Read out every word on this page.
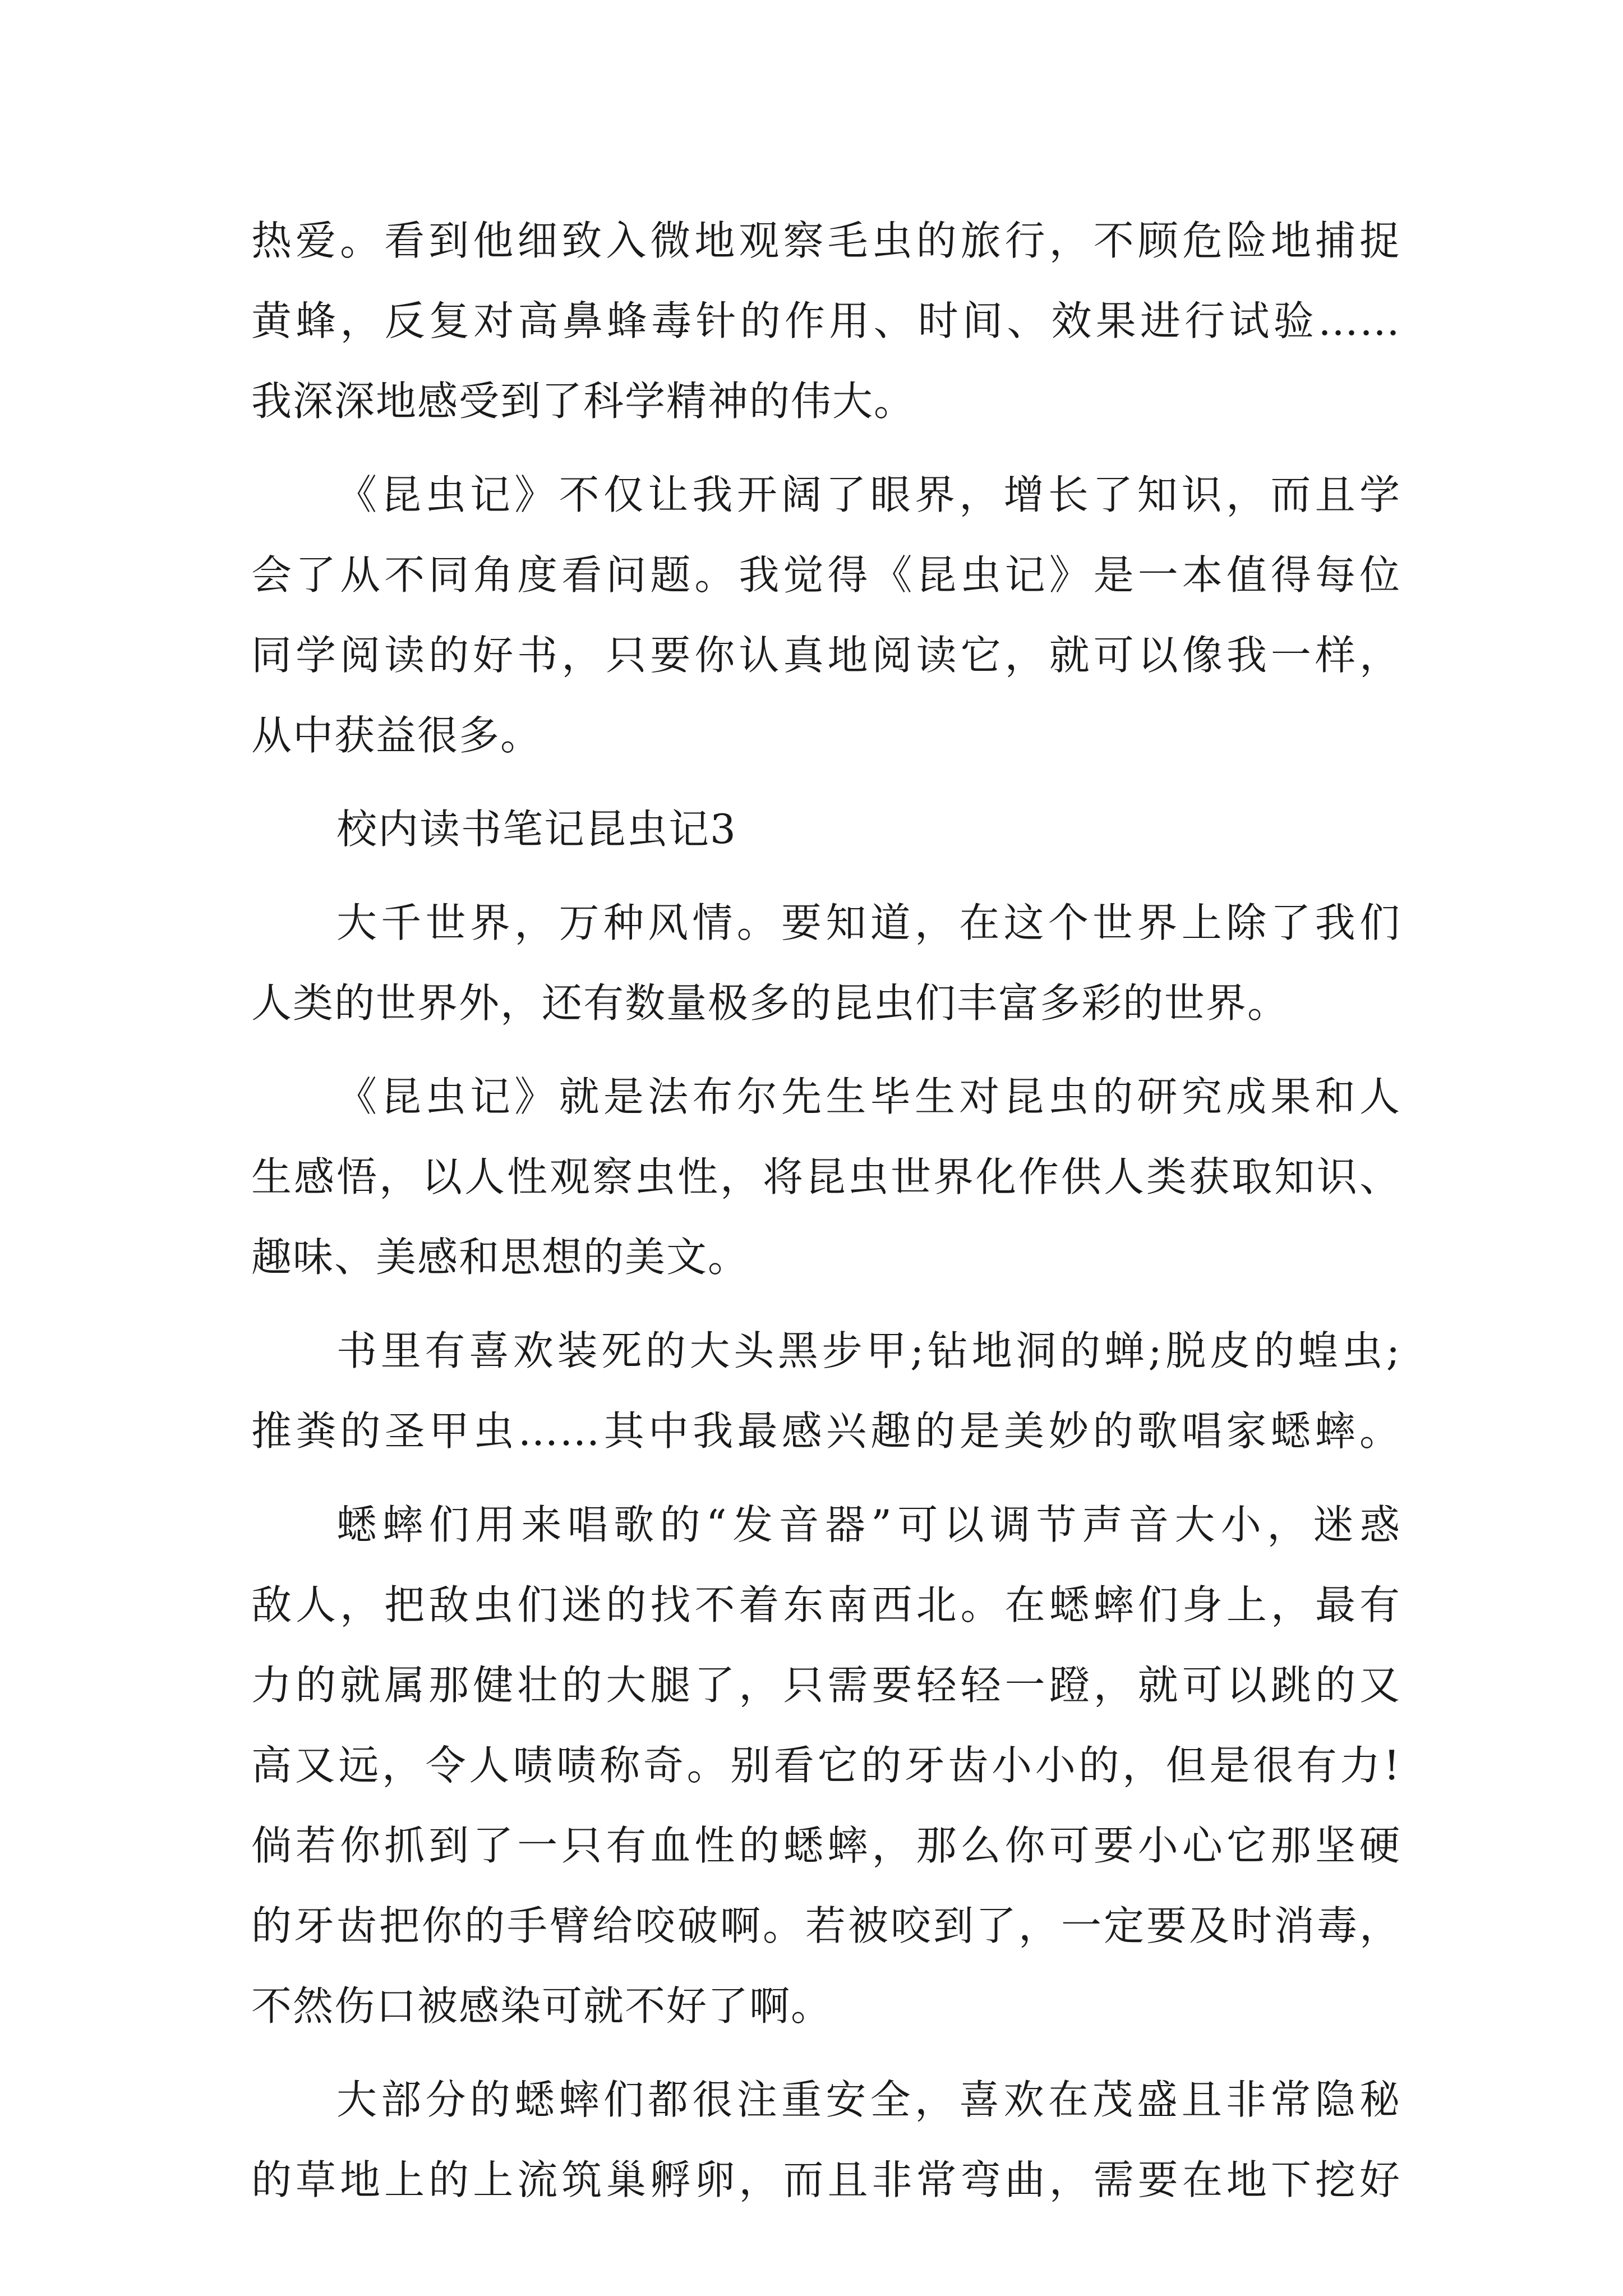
热爱。看到他细致入微地观察毛虫的旅行，不顾危险地捕捉
黄蜂，反复对高鼻蜂毒针的作用、时间、效果进行试验……
我深深地感受到了科学精神的伟大。
《昆虫记》不仅让我开阔了眼界，增长了知识，而且学
会了从不同角度看问题。我觉得《昆虫记》是一本值得每位
同学阅读的好书，只要你认真地阅读它，就可以像我一样，
从中获益很多。
校内读书笔记昆虫记3
大千世界，万种风情。要知道，在这个世界上除了我们
人类的世界外，还有数量极多的昆虫们丰富多彩的世界。
《昆虫记》就是法布尔先生毕生对昆虫的研究成果和人
生感悟，以人性观察虫性，将昆虫世界化作供人类获取知识、
趣味、美感和思想的美文。
书里有喜欢装死的大头黑步甲;钻地洞的蝉;脱皮的蝗虫;
推粪的圣甲虫……其中我最感兴趣的是美妙的歌唱家蟋蟀。
蟋蟀们用来唱歌的“发音器”可以调节声音大小，迷惑
敌人，把敌虫们迷的找不着东南西北。在蟋蟀们身上，最有
力的就属那健壮的大腿了，只需要轻轻一蹬，就可以跳的又
高又远，令人啧啧称奇。别看它的牙齿小小的，但是很有力!
倘若你抓到了一只有血性的蟋蟀，那么你可要小心它那坚硬
的牙齿把你的手臂给咬破啊。若被咬到了，一定要及时消毒，
不然伤口被感染可就不好了啊。
大部分的蟋蟀们都很注重安全，喜欢在茂盛且非常隐秘
的草地上的上流筑巢孵卵，而且非常弯曲，需要在地下挖好
